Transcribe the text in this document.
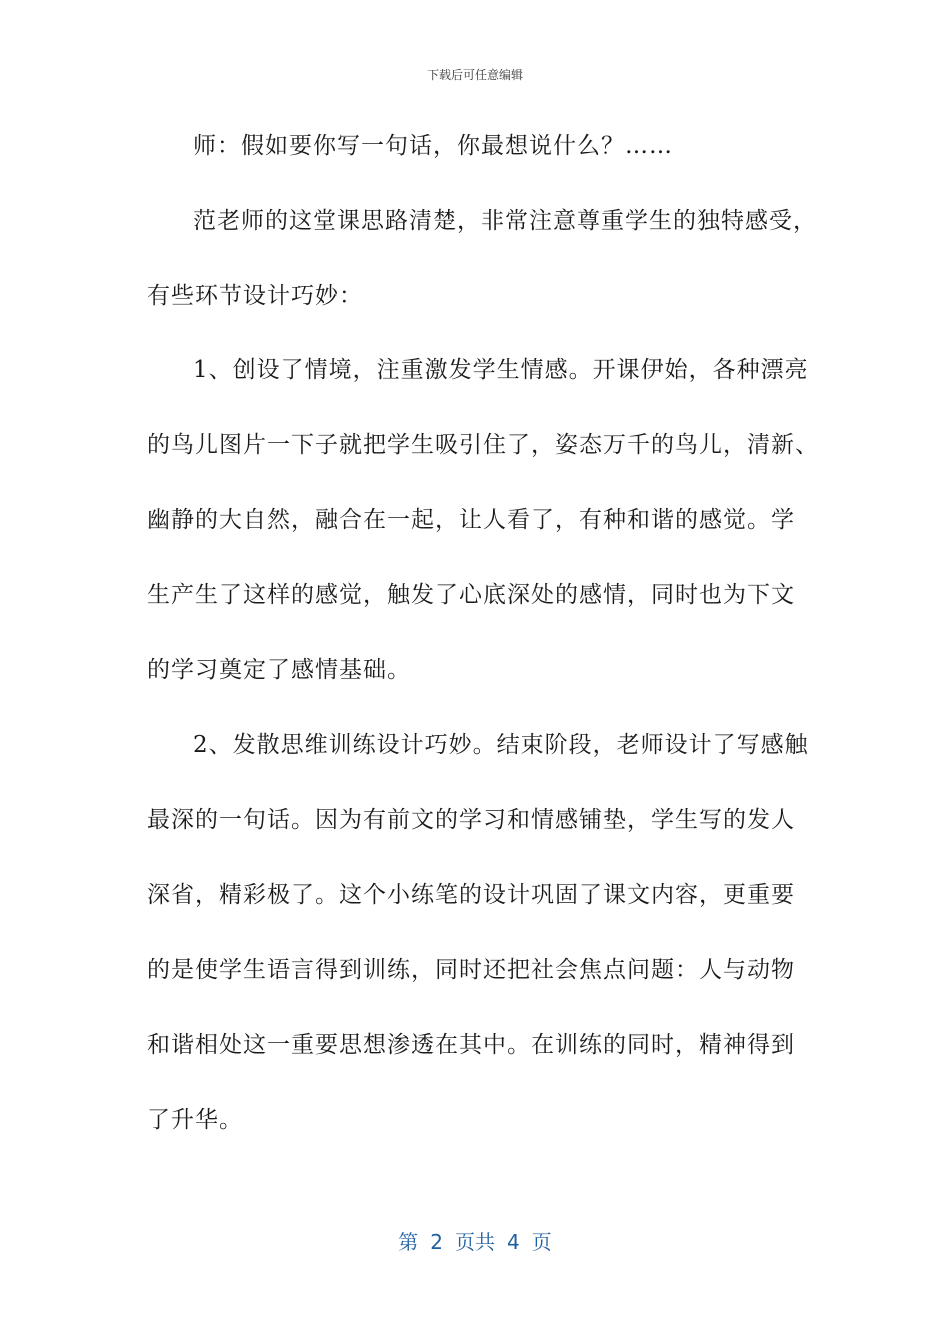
下载后可任意编辑
师：假如要你写一句话，你最想说什么？……
范老师的这堂课思路清楚，非常注意尊重学生的独特感受，
有些环节设计巧妙：
1、创设了情境，注重激发学生情感。开课伊始，各种漂亮
的鸟儿图片一下子就把学生吸引住了，姿态万千的鸟儿，清新、
幽静的大自然，融合在一起，让人看了，有种和谐的感觉。学
生产生了这样的感觉，触发了心底深处的感情，同时也为下文
的学习奠定了感情基础。
2、发散思维训练设计巧妙。结束阶段，老师设计了写感触
最深的一句话。因为有前文的学习和情感铺垫，学生写的发人
深省，精彩极了。这个小练笔的设计巩固了课文内容，更重要
的是使学生语言得到训练，同时还把社会焦点问题：人与动物
和谐相处这一重要思想渗透在其中。在训练的同时，精神得到
了升华。
第 2 页共 4 页
